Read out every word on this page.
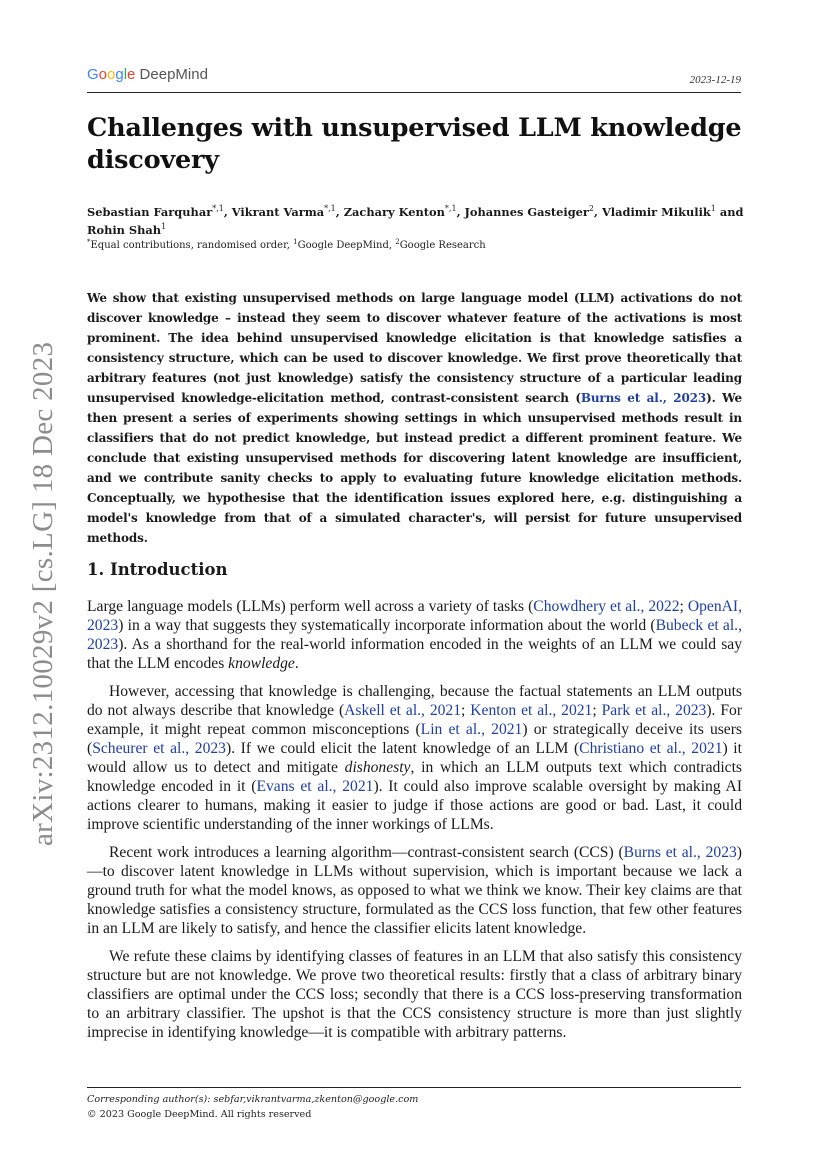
Google DeepMind	2023-12-19
Challenges with unsupervised LLM knowledge discovery
Sebastian Farquhar$^{*,1}$, Vikrant Varma$^{*,1}$, Zachary Kenton$^{*,1}$, Johannes Gasteiger$^2$, Vladimir Mikulik$^1$ and
Rohin Shah$^1$
*Equal contributions, randomised order, $^1$Google DeepMind, $^2$Google Research
arXiv:2312.10029v2 [cs.LG] 18 Dec 2023

We show that existing unsupervised methods on large language model (LLM) activations do not discover knowledge – instead they seem to discover whatever feature of the activations is most prominent. The idea behind unsupervised knowledge elicitation is that knowledge satisfies a consistency structure, which can be used to discover knowledge. We first prove theoretically that arbitrary features (not just knowledge) satisfy the consistency structure of a particular leading unsupervised knowledge-elicitation method, contrast-consistent search (Burns et al., 2023). We then present a series of experiments showing settings in which unsupervised methods result in classifiers that do not predict knowledge, but instead predict a different prominent feature. We conclude that existing unsupervised methods for discovering latent knowledge are insufficient, and we contribute sanity checks to apply to evaluating future knowledge elicitation methods. Conceptually, we hypothesise that the identification issues explored here, e.g. distinguishing a model's knowledge from that of a simulated character's, will persist for future unsupervised methods.

1. Introduction

Large language models (LLMs) perform well across a variety of tasks (Chowdhery et al., 2022; OpenAI, 2023) in a way that suggests they systematically incorporate information about the world (Bubeck et al., 2023). As a shorthand for the real-world information encoded in the weights of an LLM we could say that the LLM encodes knowledge.

However, accessing that knowledge is challenging, because the factual statements an LLM outputs do not always describe that knowledge (Askell et al., 2021; Kenton et al., 2021; Park et al., 2023). For example, it might repeat common misconceptions (Lin et al., 2021) or strategically deceive its users (Scheurer et al., 2023). If we could elicit the latent knowledge of an LLM (Christiano et al., 2021) it would allow us to detect and mitigate dishonesty, in which an LLM outputs text which contradicts knowledge encoded in it (Evans et al., 2021). It could also improve scalable oversight by making AI actions clearer to humans, making it easier to judge if those actions are good or bad. Last, it could improve scientific understanding of the inner workings of LLMs.

Recent work introduces a learning algorithm—contrast-consistent search (CCS) (Burns et al., 2023)—to discover latent knowledge in LLMs without supervision, which is important because we lack a ground truth for what the model knows, as opposed to what we think we know. Their key claims are that knowledge satisfies a consistency structure, formulated as the CCS loss function, that few other features in an LLM are likely to satisfy, and hence the classifier elicits latent knowledge.

We refute these claims by identifying classes of features in an LLM that also satisfy this consistency structure but are not knowledge. We prove two theoretical results: firstly that a class of arbitrary binary classifiers are optimal under the CCS loss; secondly that there is a CCS loss-preserving transformation to an arbitrary classifier. The upshot is that the CCS consistency structure is more than just slightly imprecise in identifying knowledge—it is compatible with arbitrary patterns.

Corresponding author(s): sebfar,vikrantvarma,zkenton@google.com
© 2023 Google DeepMind. All rights reserved
